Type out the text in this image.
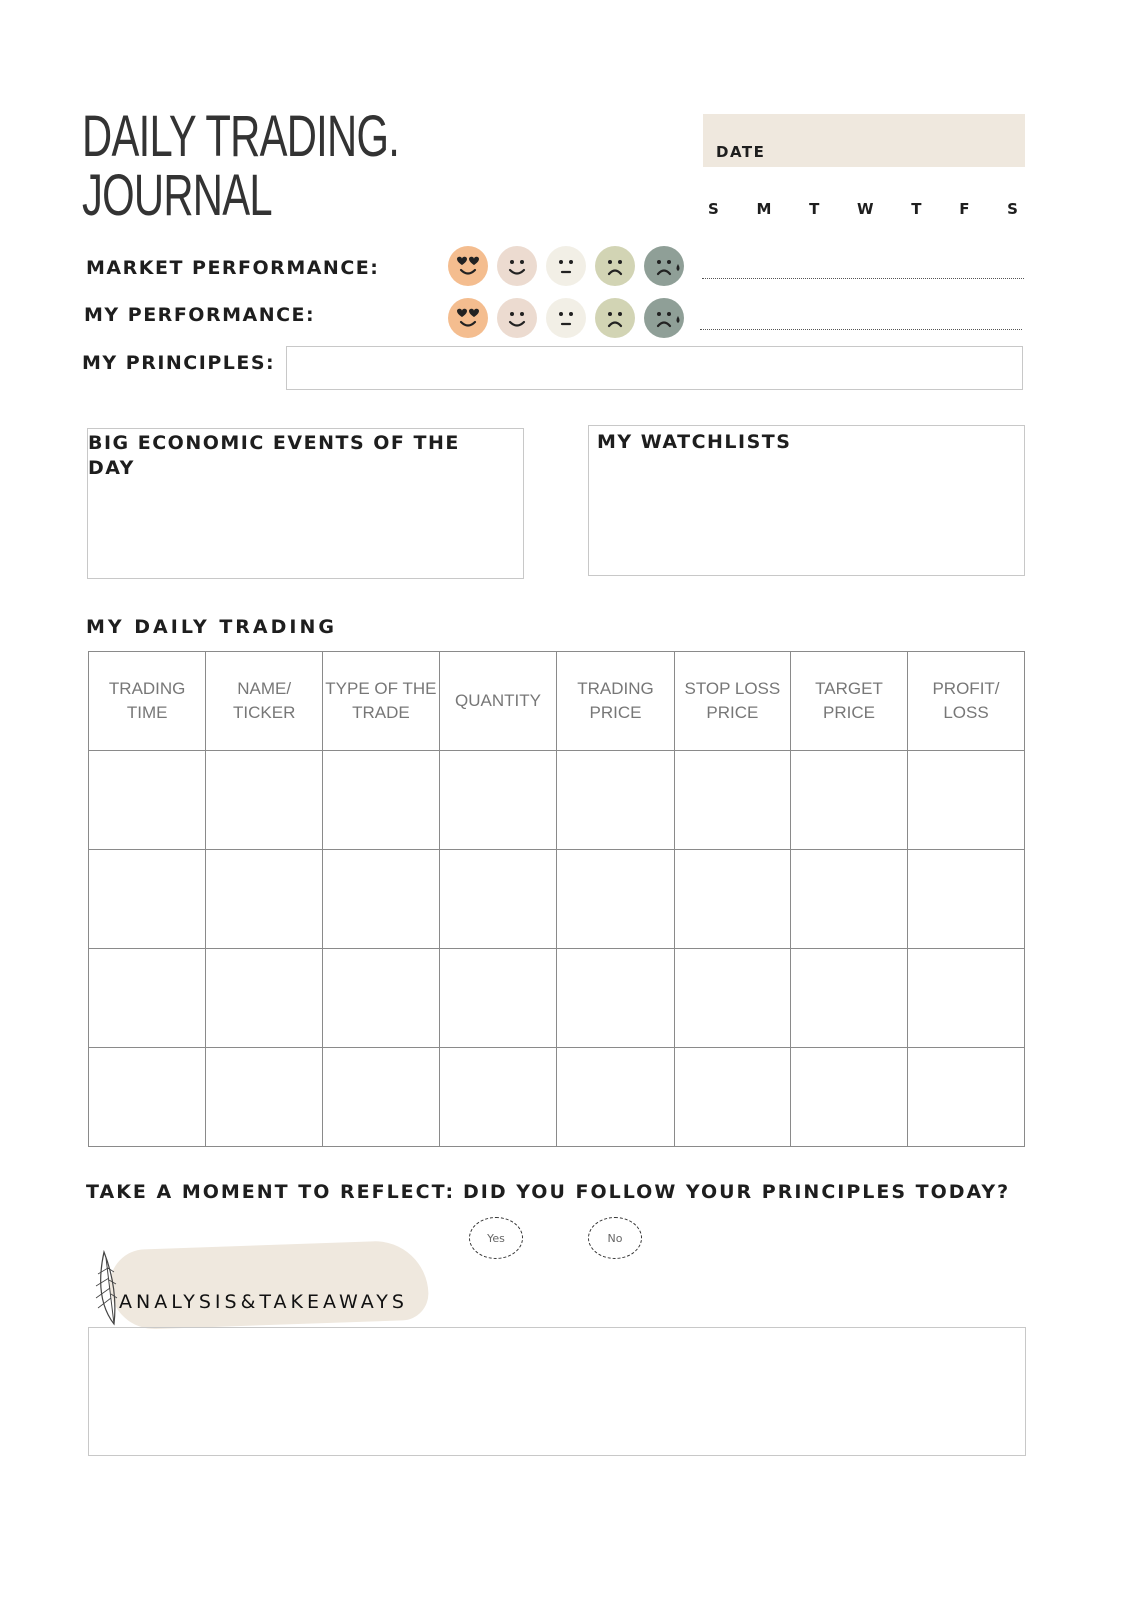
DAILY TRADING.
JOURNAL
DATE
S	M	T	W	T	F	S
MARKET PERFORMANCE:
MY PERFORMANCE:
MY PRINCIPLES:
BIG ECONOMIC EVENTS OF THE DAY
MY WATCHLISTS
MY DAILY TRADING
TRADING TIME	NAME/ TICKER	TYPE OF THE TRADE	QUANTITY	TRADING PRICE	STOP LOSS PRICE	TARGET PRICE	PROFIT/ LOSS

TAKE A MOMENT TO REFLECT: DID YOU FOLLOW YOUR PRINCIPLES TODAY?
Yes	No
ANALYSIS&TAKEAWAYS
